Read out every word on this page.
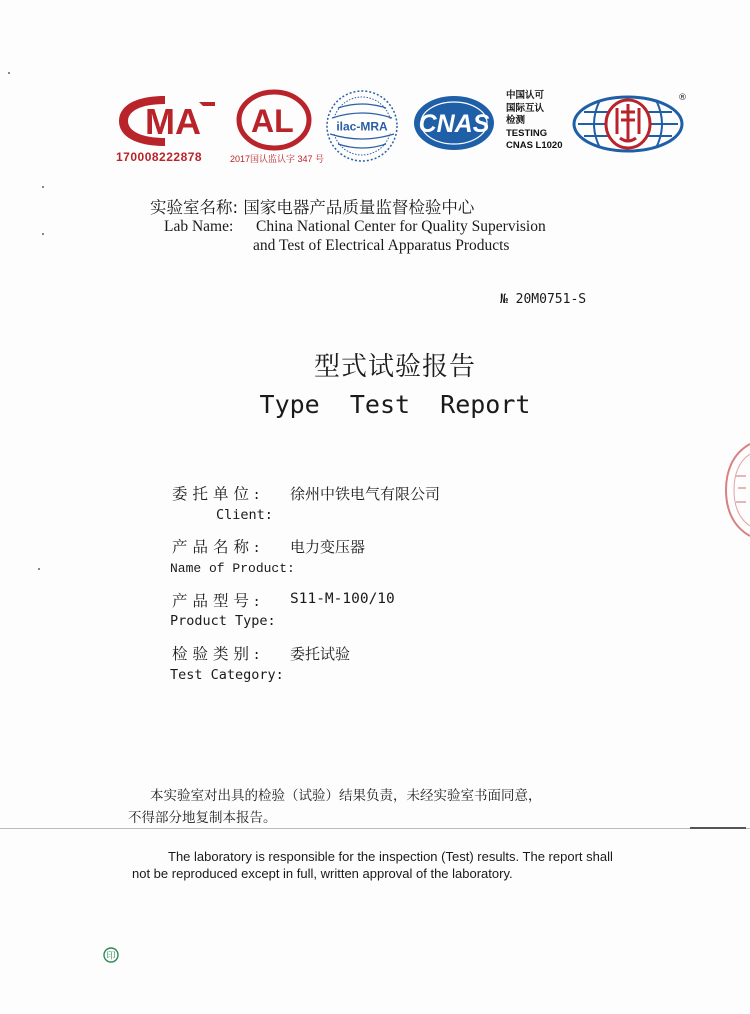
MA
170008222878
AL
2017国认监认字 347 号
ilac-MRA CNAS
中国认可
国际互认
检测
TESTING
CNAS L1020
®
实验室名称: 国家电器产品质量监督检验中心
Lab Name: China National Center for Quality Supervision
and Test of Electrical Apparatus Products
№ 20M0751-S
型式试验报告
Type  Test  Report
委托单位: 徐州中铁电气有限公司
Client:
产品名称: 电力变压器
Name of Product:
产品型号: S11-M-100/10
Product Type:
检验类别: 委托试验
Test Category:
本实验室对出具的检验（试验）结果负责，未经实验室书面同意，
不得部分地复制本报告。
The laboratory is responsible for the inspection (Test) results. The report shall
not be reproduced except in full, written approval of the laboratory.
印
